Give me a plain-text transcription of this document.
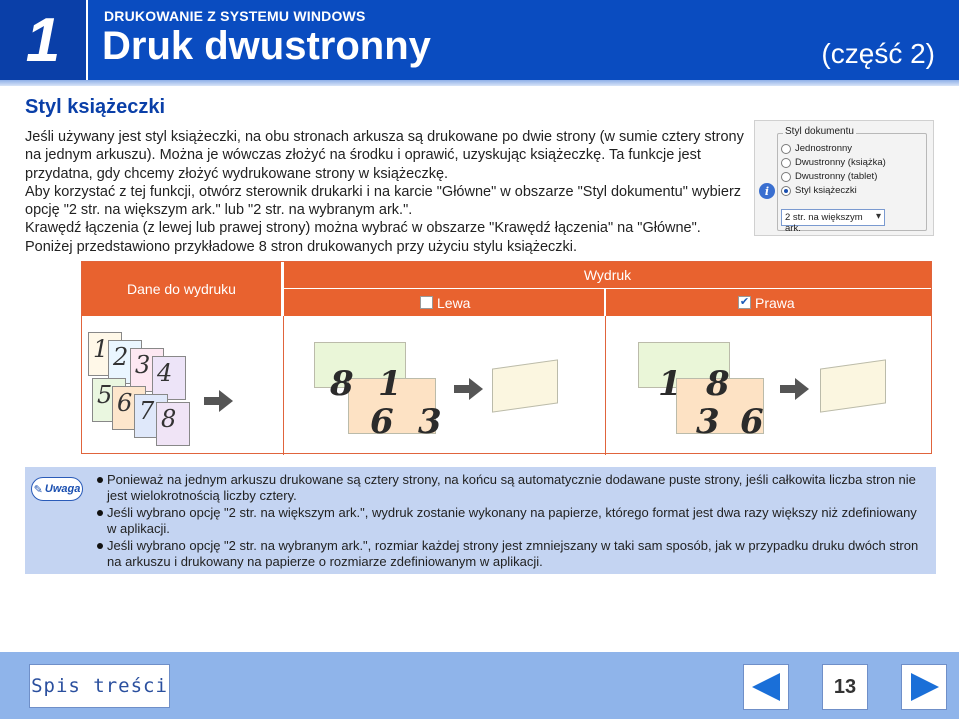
1	DRUKOWANIE Z SYSTEMU WINDOWS
Druk dwustronny	(część 2)
Styl książeczki

Jeśli używany jest styl książeczki, na obu stronach arkusza są drukowane po dwie strony (w sumie cztery strony na jednym arkuszu). Można je wówczas złożyć na środku i oprawić, uzyskując książeczkę. Ta funkcje jest przydatna, gdy chcemy złożyć wydrukowane strony w książeczkę.

Aby korzystać z tej funkcji, otwórz sterownik drukarki i na karcie "Główne" w obszarze "Styl dokumentu" wybierz opcję "2 str. na większym ark." lub "2 str. na wybranym ark.".

Krawędź łączenia (z lewej lub prawej strony) można wybrać w obszarze "Krawędź łączenia" na "Główne".

Poniżej przedstawiono przykładowe 8 stron drukowanych przy użyciu stylu książeczki.

Styl dokumentu
Jednostronny
Dwustronny (książka)
Dwustronny (tablet)
Styl książeczki
i
2 str. na większym ark. ▾
Dane do wydruku
Wydruk
Lewa	✔ Prawa
1 2 3 4
5 6 7 8
8 1
6 3
1 8
3 6
✎ Uwaga
Ponieważ na jednym arkuszu drukowane są cztery strony, na końcu są automatycznie dodawane puste strony, jeśli całkowita liczba stron nie jest wielokrotnością liczby cztery.
Jeśli wybrano opcję "2 str. na większym ark.", wydruk zostanie wykonany na papierze, którego format jest dwa razy większy niż zdefiniowany w aplikacji.
Jeśli wybrano opcję "2 str. na wybranym ark.", rozmiar każdej strony jest zmniejszany w taki sam sposób, jak w przypadku druku dwóch stron na arkuszu i drukowany na papierze o rozmiarze zdefiniowanym w aplikacji.
Spis treści	13
